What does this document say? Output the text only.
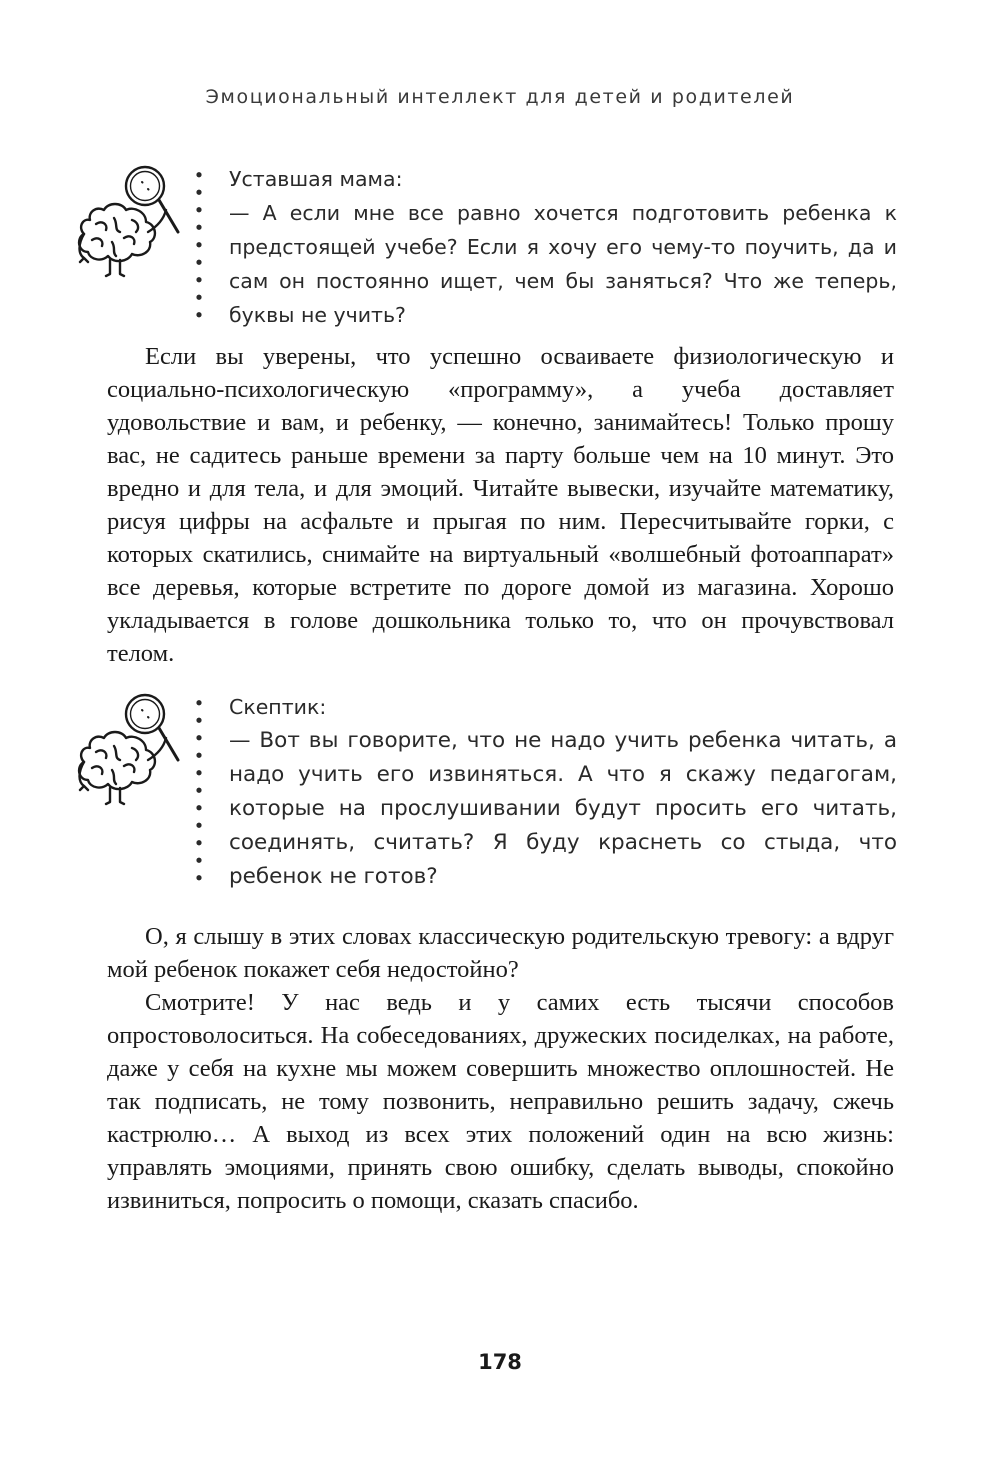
Эмоциональный интеллект для детей и родителей

Уставшая мама:

— А если мне все равно хочется подготовить ребенка к предстоящей учебе? Если я хочу его чему-то поучить, да и сам он постоянно ищет, чем бы заняться? Что же теперь, буквы не учить?

Если вы уверены, что успешно осваиваете физиологическую и социально-психологическую «программу», а учеба доставляет удовольствие и вам, и ребенку, — конечно, занимайтесь! Только прошу вас, не садитесь раньше времени за парту больше чем на 10 минут. Это вредно и для тела, и для эмоций. Читайте вывески, изучайте математику, рисуя цифры на асфальте и прыгая по ним. Пересчитывайте горки, с которых скатились, снимайте на виртуальный «волшебный фотоаппарат» все деревья, которые встретите по дороге домой из магазина. Хорошо укладывается в голове дошкольника только то, что он прочувствовал телом.

Скептик:

— Вот вы говорите, что не надо учить ребенка читать, а надо учить его извиняться. А что я скажу педагогам, которые на прослушивании будут просить его читать, соединять, считать? Я буду краснеть со стыда, что ребенок не готов?

О, я слышу в этих словах классическую родительскую тревогу: а вдруг мой ребенок покажет себя недостойно?

Смотрите! У нас ведь и у самих есть тысячи способов опростоволоситься. На собеседованиях, дружеских посиделках, на работе, даже у себя на кухне мы можем совершить множество оплошностей. Не так подписать, не тому позвонить, неправильно решить задачу, сжечь кастрюлю… А выход из всех этих положений один на всю жизнь: управлять эмоциями, принять свою ошибку, сделать выводы, спокойно извиниться, попросить о помощи, сказать спасибо.

178
